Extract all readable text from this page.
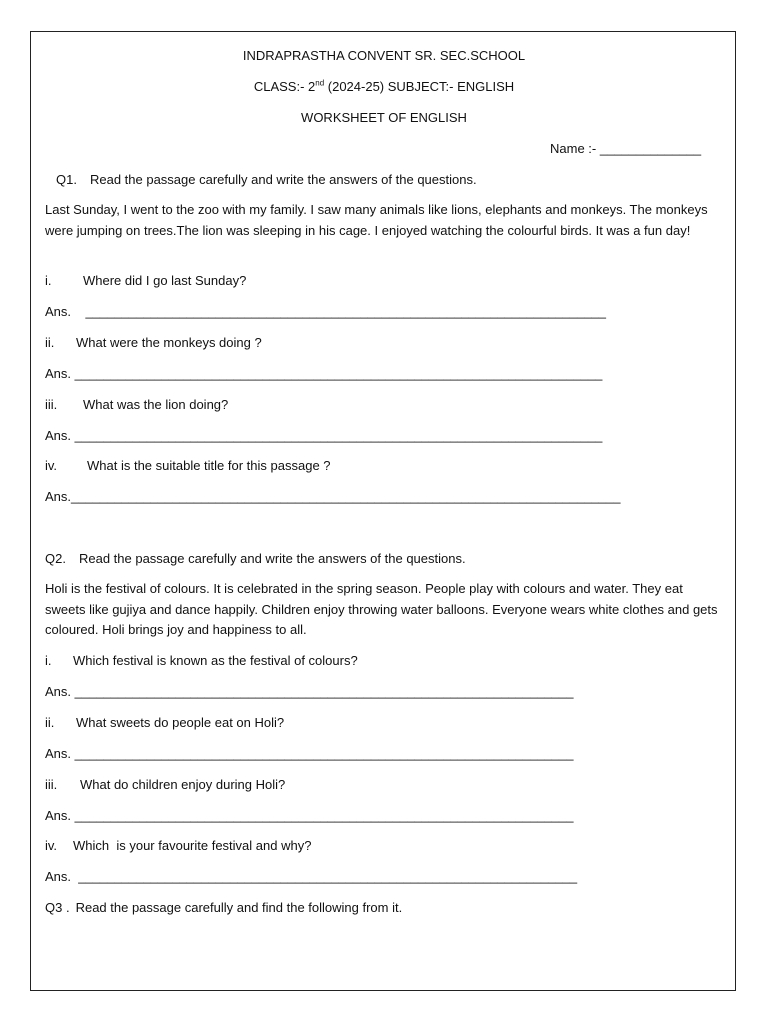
INDRAPRASTHA CONVENT SR. SEC.SCHOOL
CLASS:- 2nd (2024-25) SUBJECT:- ENGLISH
WORKSHEET OF ENGLISH
Name :- ______________
Q1. Read the passage carefully and write the answers of the questions.
Last Sunday, I went to the zoo with my family. I saw many animals like lions, elephants and monkeys. The monkeys were jumping on trees.The lion was sleeping in his cage. I enjoyed watching the colourful birds. It was a fun day!
i. Where did I go last Sunday?
Ans.    ________________________________________________________________________
ii. What were the monkeys doing ?
Ans. _________________________________________________________________________
iii. What was the lion doing?
Ans. _________________________________________________________________________
iv. What is the suitable title for this passage ?
Ans.____________________________________________________________________________
Q2. Read the passage carefully and write the answers of the questions.
Holi is the festival of colours. It is celebrated in the spring season. People play with colours and water. They eat sweets like gujiya and dance happily. Children enjoy throwing water balloons. Everyone wears white clothes and gets coloured. Holi brings joy and happiness to all.
i. Which festival is known as the festival of colours?
Ans. _____________________________________________________________________
ii. What sweets do people eat on Holi?
Ans. _____________________________________________________________________
iii. What do children enjoy during Holi?
Ans. _____________________________________________________________________
iv. Which  is your favourite festival and why?
Ans.  _____________________________________________________________________
Q3 . Read the passage carefully and find the following from it.
